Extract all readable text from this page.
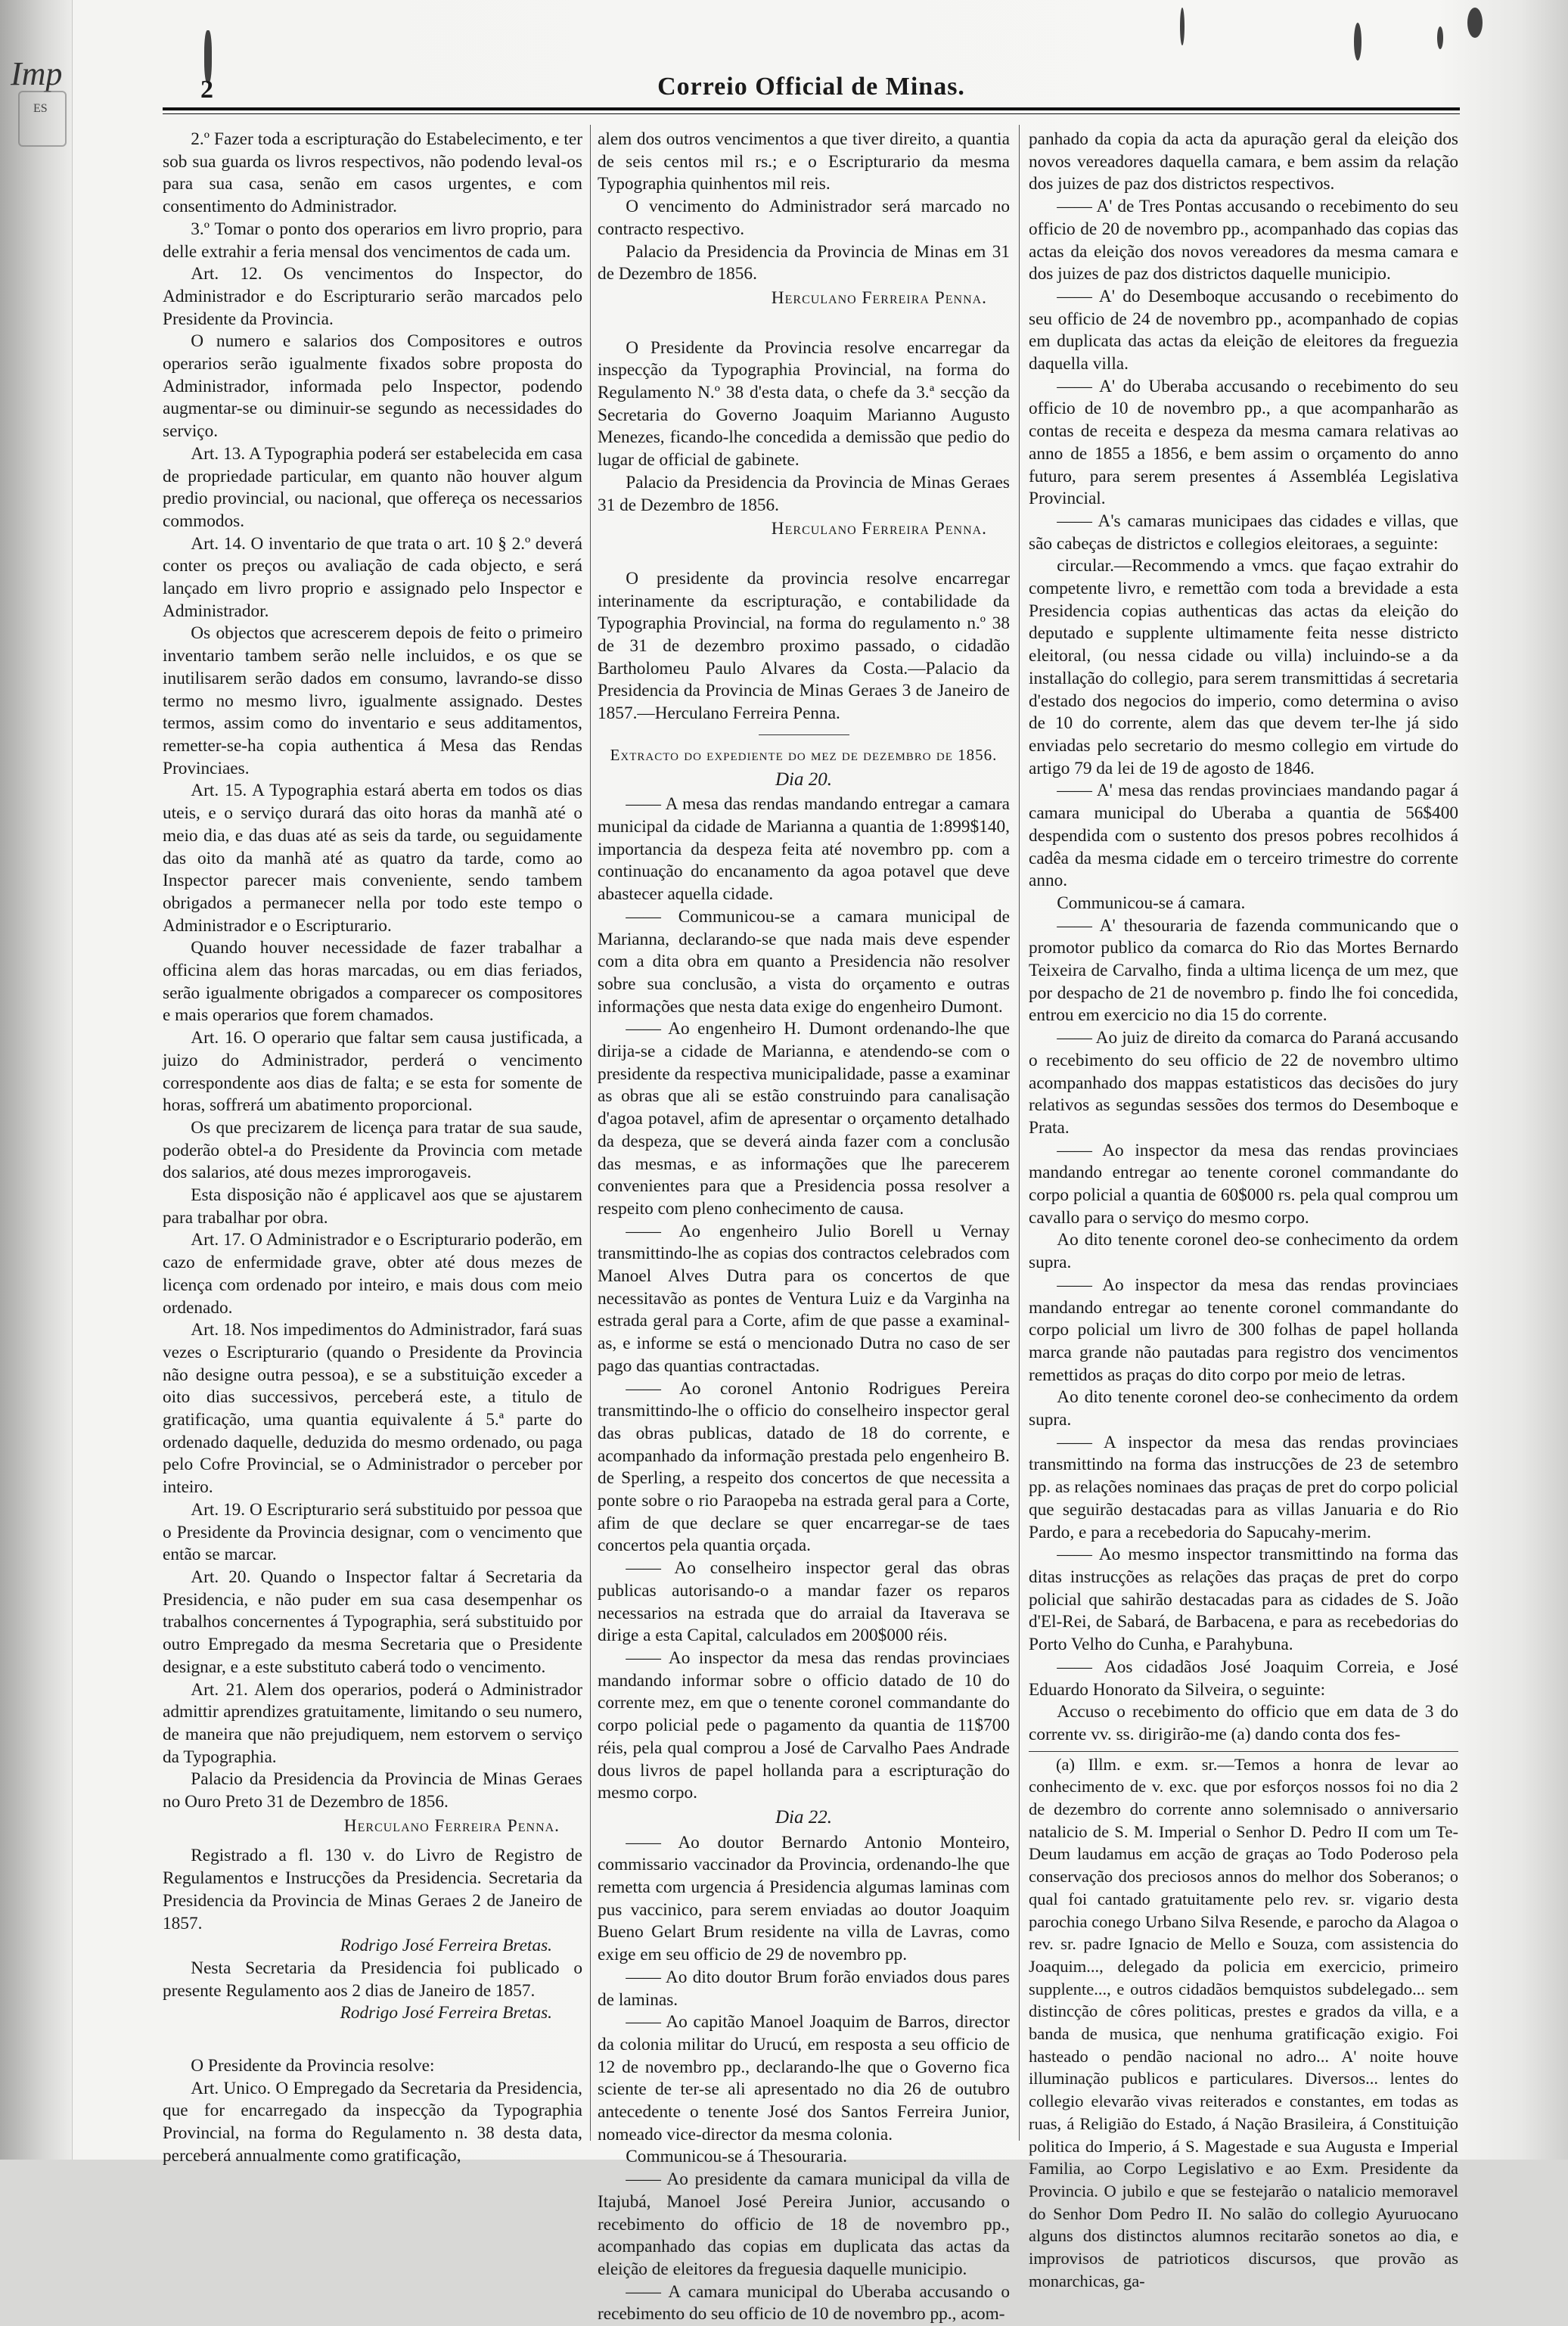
Imp
ES
2	Correio Official de Minas.

2.º Fazer toda a escripturação do Estabelecimento, e ter sob sua guarda os livros respectivos, não podendo leval-os para sua casa, senão em casos urgentes, e com consentimento do Administrador.

3.º Tomar o ponto dos operarios em livro proprio, para delle extrahir a feria mensal dos vencimentos de cada um.

Art. 12. Os vencimentos do Inspector, do Administrador e do Escripturario serão marcados pelo Presidente da Provincia.

O numero e salarios dos Compositores e outros operarios serão igualmente fixados sobre proposta do Administrador, informada pelo Inspector, podendo augmentar-se ou diminuir-se segundo as necessidades do serviço.

Art. 13. A Typographia poderá ser estabelecida em casa de propriedade particular, em quanto não houver algum predio provincial, ou nacional, que offereça os necessarios commodos.

Art. 14. O inventario de que trata o art. 10 § 2.º deverá conter os preços ou avaliação de cada objecto, e será lançado em livro proprio e assignado pelo Inspector e Administrador.

Os objectos que acrescerem depois de feito o primeiro inventario tambem serão nelle incluidos, e os que se inutilisarem serão dados em consumo, lavrando-se disso termo no mesmo livro, igualmente assignado. Destes termos, assim como do inventario e seus additamentos, remetter-se-ha copia authentica á Mesa das Rendas Provinciaes.

Art. 15. A Typographia estará aberta em todos os dias uteis, e o serviço durará das oito horas da manhã até o meio dia, e das duas até as seis da tarde, ou seguidamente das oito da manhã até as quatro da tarde, como ao Inspector parecer mais conveniente, sendo tambem obrigados a permanecer nella por todo este tempo o Administrador e o Escripturario.

Quando houver necessidade de fazer trabalhar a officina alem das horas marcadas, ou em dias feriados, serão igualmente obrigados a comparecer os compositores e mais operarios que forem chamados.

Art. 16. O operario que faltar sem causa justificada, a juizo do Administrador, perderá o vencimento correspondente aos dias de falta; e se esta for somente de horas, soffrerá um abatimento proporcional.

Os que precizarem de licença para tratar de sua saude, poderão obtel-a do Presidente da Provincia com metade dos salarios, até dous mezes improrogaveis.

Esta disposição não é applicavel aos que se ajustarem para trabalhar por obra.

Art. 17. O Administrador e o Escripturario poderão, em cazo de enfermidade grave, obter até dous mezes de licença com ordenado por inteiro, e mais dous com meio ordenado.

Art. 18. Nos impedimentos do Administrador, fará suas vezes o Escripturario (quando o Presidente da Provincia não designe outra pessoa), e se a substituição exceder a oito dias successivos, perceberá este, a titulo de gratificação, uma quantia equivalente á 5.ª parte do ordenado daquelle, deduzida do mesmo ordenado, ou paga pelo Cofre Provincial, se o Administrador o perceber por inteiro.

Art. 19. O Escripturario será substituido por pessoa que o Presidente da Provincia designar, com o vencimento que então se marcar.

Art. 20. Quando o Inspector faltar á Secretaria da Presidencia, e não puder em sua casa desempenhar os trabalhos concernentes á Typographia, será substituido por outro Empregado da mesma Secretaria que o Presidente designar, e a este substituto caberá todo o vencimento.

Art. 21. Alem dos operarios, poderá o Administrador admittir aprendizes gratuitamente, limitando o seu numero, de maneira que não prejudiquem, nem estorvem o serviço da Typographia.

Palacio da Presidencia da Provincia de Minas Geraes no Ouro Preto 31 de Dezembro de 1856.

Herculano Ferreira Penna.

Registrado a fl. 130 v. do Livro de Registro de Regulamentos e Instrucções da Presidencia. Secretaria da Presidencia da Provincia de Minas Geraes 2 de Janeiro de 1857.

Rodrigo José Ferreira Bretas.

Nesta Secretaria da Presidencia foi publicado o presente Regulamento aos 2 dias de Janeiro de 1857.

Rodrigo José Ferreira Bretas.

O Presidente da Provincia resolve:

Art. Unico. O Empregado da Secretaria da Presidencia, que for encarregado da inspecção da Typographia Provincial, na forma do Regulamento n. 38 desta data, perceberá annualmente como gratificação,

alem dos outros vencimentos a que tiver direito, a quantia de seis centos mil rs.; e o Escripturario da mesma Typographia quinhentos mil reis.

O vencimento do Administrador será marcado no contracto respectivo.

Palacio da Presidencia da Provincia de Minas em 31 de Dezembro de 1856.

Herculano Ferreira Penna.

O Presidente da Provincia resolve encarregar da inspecção da Typographia Provincial, na forma do Regulamento N.º 38 d'esta data, o chefe da 3.ª secção da Secretaria do Governo Joaquim Marianno Augusto Menezes, ficando-lhe concedida a demissão que pedio do lugar de official de gabinete.

Palacio da Presidencia da Provincia de Minas Geraes 31 de Dezembro de 1856.

Herculano Ferreira Penna.

O presidente da provincia resolve encarregar interinamente da escripturação, e contabilidade da Typographia Provincial, na forma do regulamento n.º 38 de 31 de dezembro proximo passado, o cidadão Bartholomeu Paulo Alvares da Costa.—Palacio da Presidencia da Provincia de Minas Geraes 3 de Janeiro de 1857.—Herculano Ferreira Penna.

Extracto do expediente do mez de dezembro de 1856.

Dia 20.

—— A mesa das rendas mandando entregar a camara municipal da cidade de Marianna a quantia de 1:899$140, importancia da despeza feita até novembro pp. com a continuação do encanamento da agoa potavel que deve abastecer aquella cidade.

—— Communicou-se a camara municipal de Marianna, declarando-se que nada mais deve espender com a dita obra em quanto a Presidencia não resolver sobre sua conclusão, a vista do orçamento e outras informações que nesta data exige do engenheiro Dumont.

—— Ao engenheiro H. Dumont ordenando-lhe que dirija-se a cidade de Marianna, e atendendo-se com o presidente da respectiva municipalidade, passe a examinar as obras que ali se estão construindo para canalisação d'agoa potavel, afim de apresentar o orçamento detalhado da despeza, que se deverá ainda fazer com a conclusão das mesmas, e as informações que lhe parecerem convenientes para que a Presidencia possa resolver a respeito com pleno conhecimento de causa.

—— Ao engenheiro Julio Borell u Vernay transmittindo-lhe as copias dos contractos celebrados com Manoel Alves Dutra para os concertos de que necessitavão as pontes de Ventura Luiz e da Varginha na estrada geral para a Corte, afim de que passe a examinal-as, e informe se está o mencionado Dutra no caso de ser pago das quantias contractadas.

—— Ao coronel Antonio Rodrigues Pereira transmittindo-lhe o officio do conselheiro inspector geral das obras publicas, datado de 18 do corrente, e acompanhado da informação prestada pelo engenheiro B. de Sperling, a respeito dos concertos de que necessita a ponte sobre o rio Paraopeba na estrada geral para a Corte, afim de que declare se quer encarregar-se de taes concertos pela quantia orçada.

—— Ao conselheiro inspector geral das obras publicas autorisando-o a mandar fazer os reparos necessarios na estrada que do arraial da Itaverava se dirige a esta Capital, calculados em 200$000 réis.

—— Ao inspector da mesa das rendas provinciaes mandando informar sobre o officio datado de 10 do corrente mez, em que o tenente coronel commandante do corpo policial pede o pagamento da quantia de 11$700 réis, pela qual comprou a José de Carvalho Paes Andrade dous livros de papel hollanda para a escripturação do mesmo corpo.

Dia 22.

—— Ao doutor Bernardo Antonio Monteiro, commissario vaccinador da Provincia, ordenando-lhe que remetta com urgencia á Presidencia algumas laminas com pus vaccinico, para serem enviadas ao doutor Joaquim Bueno Gelart Brum residente na villa de Lavras, como exige em seu officio de 29 de novembro pp.

—— Ao dito doutor Brum forão enviados dous pares de laminas.

—— Ao capitão Manoel Joaquim de Barros, director da colonia militar do Urucú, em resposta a seu officio de 12 de novembro pp., declarando-lhe que o Governo fica sciente de ter-se ali apresentado no dia 26 de outubro antecedente o tenente José dos Santos Ferreira Junior, nomeado vice-director da mesma colonia.

Communicou-se á Thesouraria.

—— Ao presidente da camara municipal da villa de Itajubá, Manoel José Pereira Junior, accusando o recebimento do officio de 18 de novembro pp., acompanhado das copias em duplicata das actas da eleição de eleitores da freguesia daquelle municipio.

—— A camara municipal do Uberaba accusando o recebimento do seu officio de 10 de novembro pp., acom-

panhado da copia da acta da apuração geral da eleição dos novos vereadores daquella camara, e bem assim da relação dos juizes de paz dos districtos respectivos.

—— A' de Tres Pontas accusando o recebimento do seu officio de 20 de novembro pp., acompanhado das copias das actas da eleição dos novos vereadores da mesma camara e dos juizes de paz dos districtos daquelle municipio.

—— A' do Desemboque accusando o recebimento do seu officio de 24 de novembro pp., acompanhado de copias em duplicata das actas da eleição de eleitores da freguezia daquella villa.

—— A' do Uberaba accusando o recebimento do seu officio de 10 de novembro pp., a que acompanharão as contas de receita e despeza da mesma camara relativas ao anno de 1855 a 1856, e bem assim o orçamento do anno futuro, para serem presentes á Assembléa Legislativa Provincial.

—— A's camaras municipaes das cidades e villas, que são cabeças de districtos e collegios eleitoraes, a seguinte:

circular.—Recommendo a vmcs. que façao extrahir do competente livro, e remettão com toda a brevidade a esta Presidencia copias authenticas das actas da eleição do deputado e supplente ultimamente feita nesse districto eleitoral, (ou nessa cidade ou villa) incluindo-se a da installação do collegio, para serem transmittidas á secretaria d'estado dos negocios do imperio, como determina o aviso de 10 do corrente, alem das que devem ter-lhe já sido enviadas pelo secretario do mesmo collegio em virtude do artigo 79 da lei de 19 de agosto de 1846.

—— A' mesa das rendas provinciaes mandando pagar á camara municipal do Uberaba a quantia de 56$400 despendida com o sustento dos presos pobres recolhidos á cadêa da mesma cidade em o terceiro trimestre do corrente anno.

Communicou-se á camara.

—— A' thesouraria de fazenda communicando que o promotor publico da comarca do Rio das Mortes Bernardo Teixeira de Carvalho, finda a ultima licença de um mez, que por despacho de 21 de novembro p. findo lhe foi concedida, entrou em exercicio no dia 15 do corrente.

—— Ao juiz de direito da comarca do Paraná accusando o recebimento do seu officio de 22 de novembro ultimo acompanhado dos mappas estatisticos das decisões do jury relativos as segundas sessões dos termos do Desemboque e Prata.

—— Ao inspector da mesa das rendas provinciaes mandando entregar ao tenente coronel commandante do corpo policial a quantia de 60$000 rs. pela qual comprou um cavallo para o serviço do mesmo corpo.

Ao dito tenente coronel deo-se conhecimento da ordem supra.

—— Ao inspector da mesa das rendas provinciaes mandando entregar ao tenente coronel commandante do corpo policial um livro de 300 folhas de papel hollanda marca grande não pautadas para registro dos vencimentos remettidos as praças do dito corpo por meio de letras.

Ao dito tenente coronel deo-se conhecimento da ordem supra.

—— A inspector da mesa das rendas provinciaes transmittindo na forma das instrucções de 23 de setembro pp. as relações nominaes das praças de pret do corpo policial que seguirão destacadas para as villas Januaria e do Rio Pardo, e para a recebedoria do Sapucahy-merim.

—— Ao mesmo inspector transmittindo na forma das ditas instrucções as relações das praças de pret do corpo policial que sahirão destacadas para as cidades de S. João d'El-Rei, de Sabará, de Barbacena, e para as recebedorias do Porto Velho do Cunha, e Parahybuna.

—— Aos cidadãos José Joaquim Correia, e José Eduardo Honorato da Silveira, o seguinte:

Accuso o recebimento do officio que em data de 3 do corrente vv. ss. dirigirão-me (a) dando conta dos fes-

(a) Illm. e exm. sr.—Temos a honra de levar ao conhecimento de v. exc. que por esforços nossos foi no dia 2 de dezembro do corrente anno solemnisado o anniversario natalicio de S. M. Imperial o Senhor D. Pedro II com um Te-Deum laudamus em acção de graças ao Todo Poderoso pela conservação dos preciosos annos do melhor dos Soberanos; o qual foi cantado gratuitamente pelo rev. sr. vigario desta parochia conego Urbano Silva Resende, e parocho da Alagoa o rev. sr. padre Ignacio de Mello e Souza, com assistencia do Joaquim..., delegado da policia em exercicio, primeiro supplente..., e outros cidadãos bemquistos subdelegado... sem distincção de côres politicas, prestes e grados da villa, e a banda de musica, que nenhuma gratificação exigio. Foi hasteado o pendão nacional no adro... A' noite houve illuminação publicos e particulares. Diversos... lentes do collegio elevarão vivas reiterados e constantes, em todas as ruas, á Religião do Estado, á Nação Brasileira, á Constituição politica do Imperio, á S. Magestade e sua Augusta e Imperial Familia, ao Corpo Legislativo e ao Exm. Presidente da Provincia. O jubilo e que se festejarão o natalicio memoravel do Senhor Dom Pedro II. No salão do collegio Ayuruocano alguns dos distinctos alumnos recitarão sonetos ao dia, e improvisos de patrioticos discursos, que provão as monarchicas, ga-
